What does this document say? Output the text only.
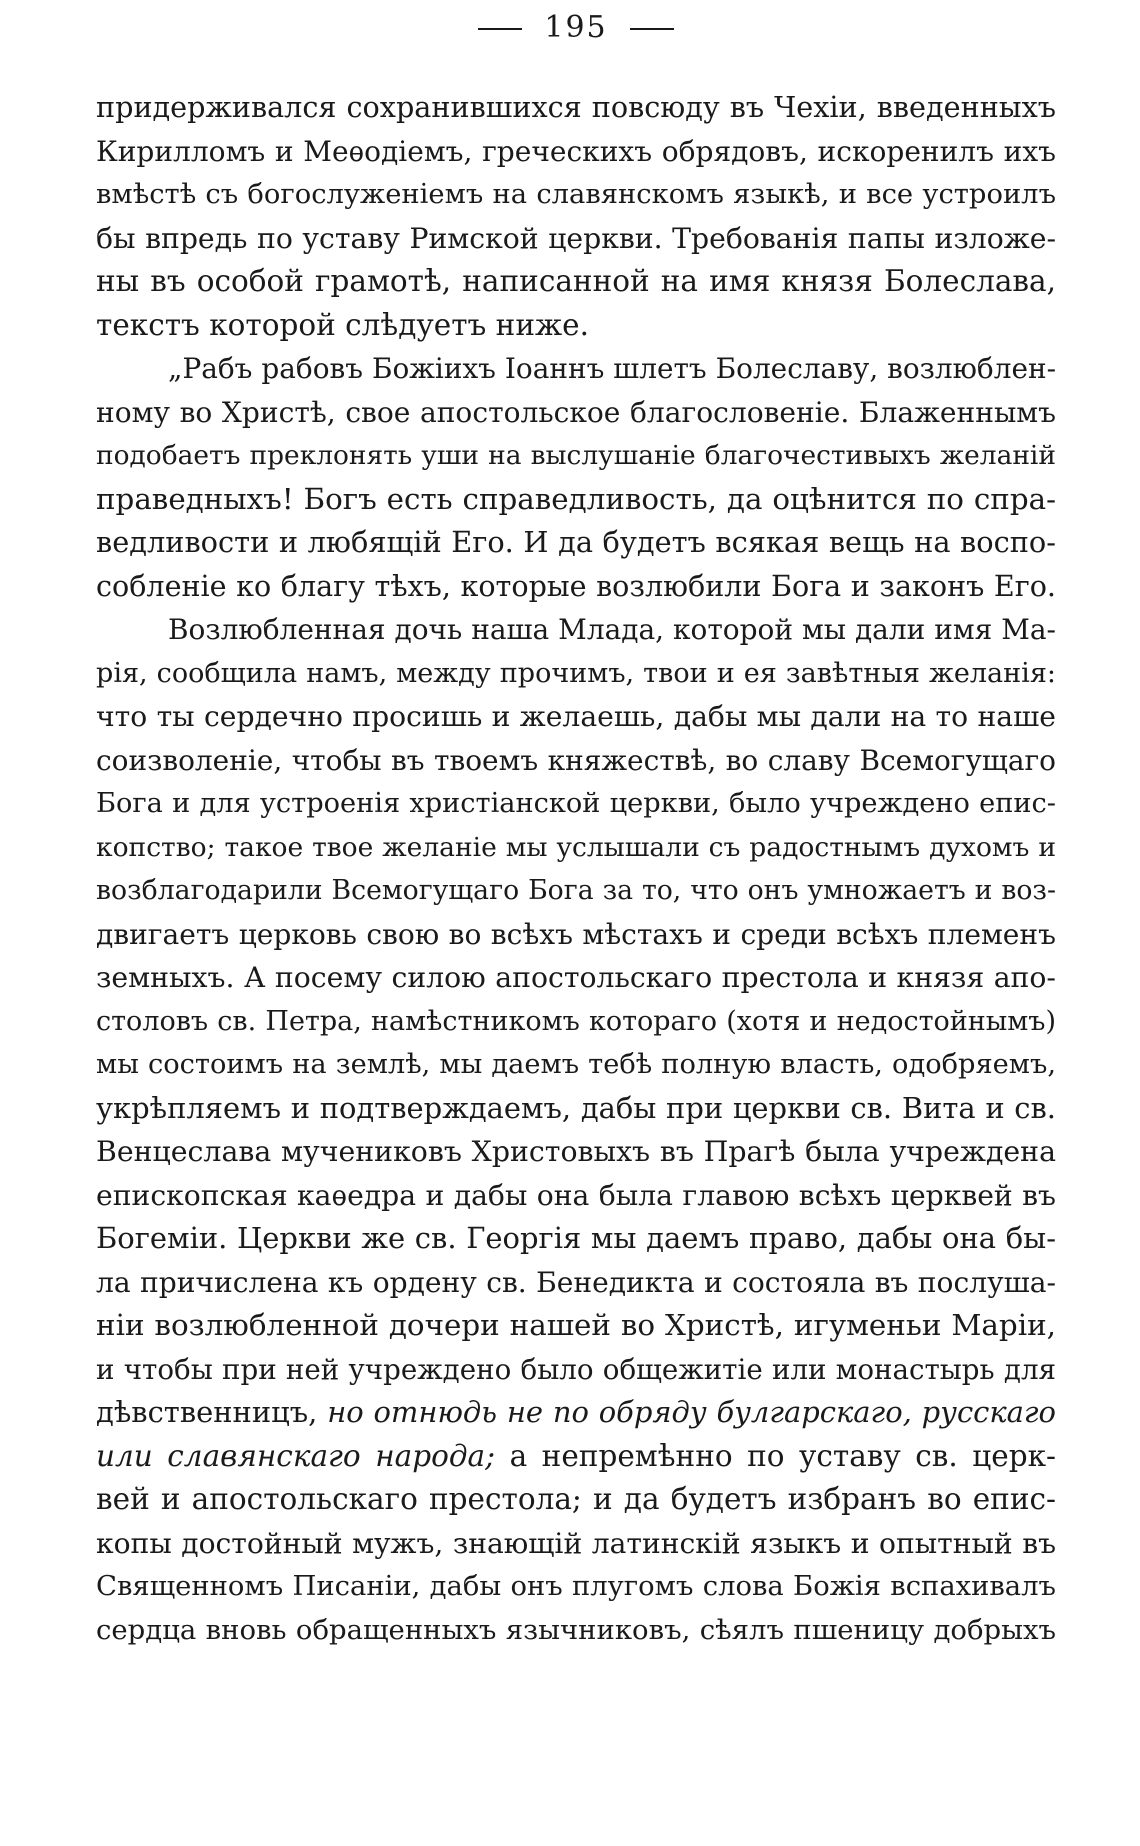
195
придерживался сохранившихся повсюду въ Чехіи, введенныхъ
Кирилломъ и Меѳодіемъ, греческихъ обрядовъ, искоренилъ ихъ
вмѣстѣ съ богослуженіемъ на славянскомъ языкѣ, и все устроилъ
бы впредь по уставу Римской церкви. Требованія папы изложе-
ны въ особой грамотѣ, написанной на имя князя Болеслава,
текстъ которой слѣдуетъ ниже.
„Рабъ рабовъ Божіихъ Іоаннъ шлетъ Болеславу, возлюблен-
ному во Христѣ, свое апостольское благословеніе. Блаженнымъ
подобаетъ преклонять уши на выслушаніе благочестивыхъ желаній
праведныхъ! Богъ есть справедливость, да оцѣнится по спра-
ведливости и любящій Его. И да будетъ всякая вещь на воспо-
собленіе ко благу тѣхъ, которые возлюбили Бога и законъ Его.
Возлюбленная дочь наша Млада, которой мы дали имя Ма-
рія, сообщила намъ, между прочимъ, твои и ея завѣтныя желанія:
что ты сердечно просишь и желаешь, дабы мы дали на то наше
соизволеніе, чтобы въ твоемъ княжествѣ, во славу Всемогущаго
Бога и для устроенія христіанской церкви, было учреждено епис-
копство; такое твое желаніе мы услышали съ радостнымъ духомъ и
возблагодарили Всемогущаго Бога за то, что онъ умножаетъ и воз-
двигаетъ церковь свою во всѣхъ мѣстахъ и среди всѣхъ племенъ
земныхъ. А посему силою апостольскаго престола и князя апо-
столовъ св. Петра, намѣстникомъ котораго (хотя и недостойнымъ)
мы состоимъ на землѣ, мы даемъ тебѣ полную власть, одобряемъ,
укрѣпляемъ и подтверждаемъ, дабы при церкви св. Вита и св.
Венцеслава мучениковъ Христовыхъ въ Прагѣ была учреждена
епископская каѳедра и дабы она была главою всѣхъ церквей въ
Богеміи. Церкви же св. Георгія мы даемъ право, дабы она бы-
ла причислена къ ордену св. Бенедикта и состояла въ послуша-
ніи возлюбленной дочери нашей во Христѣ, игуменьи Маріи,
и чтобы при ней учреждено было общежитіе или монастырь для
дѣвственницъ, но отнюдь не по обряду булгарскаго, русскаго
или славянскаго народа; а непремѣнно по уставу св. церк-
вей и апостольскаго престола; и да будетъ избранъ во епис-
копы достойный мужъ, знающій латинскій языкъ и опытный въ
Священномъ Писаніи, дабы онъ плугомъ слова Божія вспахивалъ
сердца вновь обращенныхъ язычниковъ, сѣялъ пшеницу добрыхъ
